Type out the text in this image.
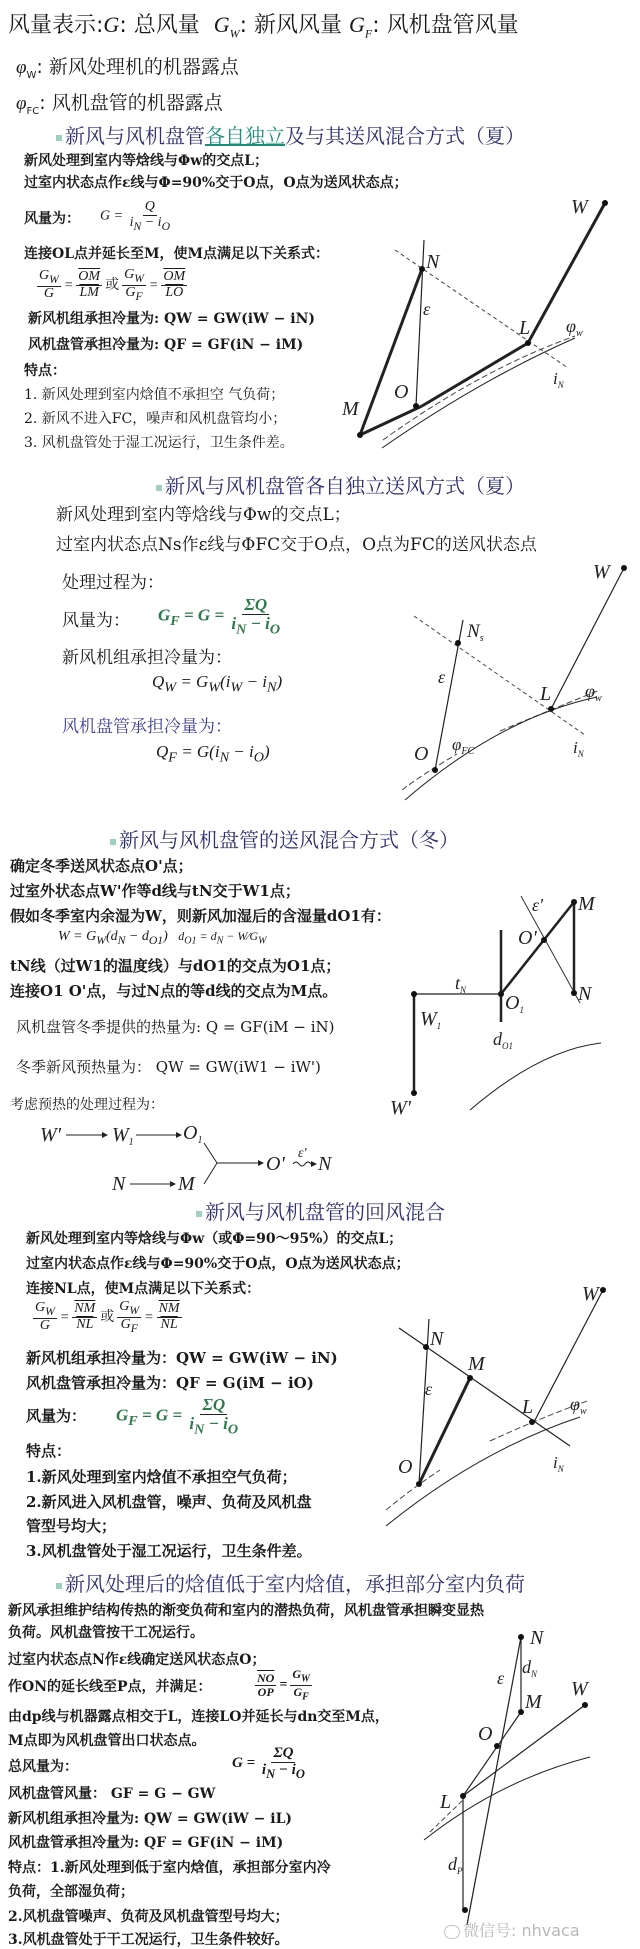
风量表示:G: 总风量 $G_W$: 新风风量 $G_F$: 风机盘管风量
$\varphi_W$: 新风处理机的机器露点
$\varphi_{FC}$: 风机盘管的机器露点
新风与风机盘管各自独立及与其送风混合方式（夏）
新风处理到室内等焓线与Φw的交点L；
过室内状态点作ε线与Φ=90%交于O点，O点为送风状态点；
风量为： $G = \frac{Q}{i_N - i_O}$
连接OL点并延长至M，使M点满足以下关系式：
$\frac{G_W}{G} = \frac{\overline{OM}}{LM}$ 或 $\frac{G_W}{G_F} = \frac{\overline{OM}}{LO}$
新风机组承担冷量为: QW = GW(iW − iN)
风机盘管承担冷量为: QF = GF(iN − iM)
特点：
1. 新风处理到室内焓值不承担空 气负荷；
2. 新风不进入FC，噪声和风机盘管均小；
3. 风机盘管处于湿工况运行，卫生条件差。
W
N
ε
L $\varphi_w$
$i_N$
O
M
新风与风机盘管各自独立送风方式（夏）
新风处理到室内等焓线与Φw的交点L；
过室内状态点Ns作ε线与ΦFC交于O点，O点为FC的送风状态点
处理过程为：
风量为： $G_F = G = \frac{\Sigma Q}{i_N - i_O}$
新风机组承担冷量为：
$Q_W = G_W(i_W - i_N)$
风机盘管承担冷量为：
$Q_F = G(i_N - i_O)$
W
$N_s$
ε
L $\varphi_w$
$i_N$
O $\varphi_{FC}$
新风与风机盘管的送风混合方式（冬）
确定冬季送风状态点O'点；
过室外状态点W'作等d线与tN交于W1点；
假如冬季室内余湿为W，则新风加湿后的含湿量dO1有：
$W = G_W(d_N - d_{O1}) d_{O1} = d_N$ − $W⁄G_W$
tN线（过W1的温度线）与dO1的交点为O1点；
连接O1 O'点，与过N点的等d线的交点为M点。
风机盘管冬季提供的热量为: Q = GF(iM − iN)
冬季新风预热量为： QW = GW(iW1 − iW')
考虑预热的处理过程为：
W'	$W_1$ $O_1$
O' ε' N
N	M
ε' M
O'
$t_N$
$O_1$
N
$W_1$
$d_{O1}$
W'
新风与风机盘管的回风混合
新风处理到室内等焓线与Φw（或Φ=90～95%）的交点L；
过室内状态点作ε线与Φ=90%交于O点，O点为送风状态点；
连接NL点，使M点满足以下关系式：
$\frac{G_W}{G} = \frac{\overline{NM}}{NL}$ 或 $\frac{G_W}{G_F} = \frac{\overline{NM}}{NL}$
新风机组承担冷量为：QW = GW(iW − iN)
风机盘管承担冷量为：QF = G(iM − iO)
风量为： $G_F = G = \frac{\Sigma Q}{i_N - i_O}$
特点：
1.新风处理到室内焓值不承担空气负荷；
2.新风进入风机盘管，噪声、负荷及风机盘
管型号均大；
3.风机盘管处于湿工况运行，卫生条件差。
W
N
M
ε
L $\varphi_w$
$i_N$
O
新风处理后的焓值低于室内焓值，承担部分室内负荷
新风承担维护结构传热的渐变负荷和室内的潜热负荷，风机盘管承担瞬变显热
负荷。风机盘管按干工况运行。
过室内状态点N作ε线确定送风状态点O；
作ON的延长线至P点，并满足：	$\frac{\overline{NO}}{OP} = \frac{G_W}{G_F}$
由dp线与机器露点相交于L，连接LO并延长与dn交至M点，
M点即为风机盘管出口状态点。
总风量为：	$G = \frac{\Sigma Q}{i_N - i_O}$
风机盘管风量： GF = G − GW
新风机组承担冷量为: QW = GW(iW − iL)
风机盘管承担冷量为: QF = GF(iN − iM)
特点：1.新风处理到低于室内焓值，承担部分室内冷
负荷，全部湿负荷；
2.风机盘管噪声、负荷及风机盘管型号均大；
3.风机盘管处于干工况运行，卫生条件较好。
N
$d_N$
ε
M
W
O
L
$d_P$
微信号: nhvaca
